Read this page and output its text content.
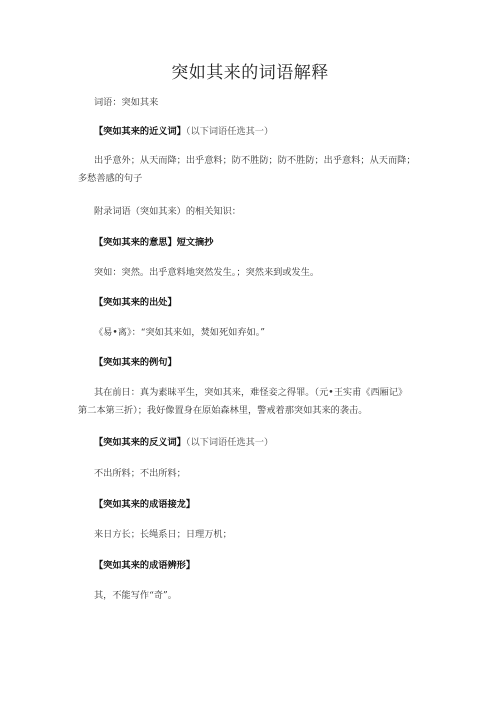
突如其来的词语解释
词语：突如其来
【突如其来的近义词】（以下词语任选其一）
出乎意外；从天而降；出乎意料；防不胜防；防不胜防；出乎意料；从天而降；
多愁善感的句子
附录词语（突如其来）的相关知识：
【突如其来的意思】短文摘抄
突如：突然。出乎意料地突然发生。；突然来到或发生。
【突如其来的出处】
《易•离》：“突如其来如，焚如死如弃如。”
【突如其来的例句】
其在前日：真为素昧平生，突如其来，难怪妾之得罪。（元•王实甫《西厢记》
第二本第三折）；我好像置身在原始森林里，警戒着那突如其来的袭击。
【突如其来的反义词】（以下词语任选其一）
不出所料；不出所料；
【突如其来的成语接龙】
来日方长；长绳系日；日理万机；
【突如其来的成语辨形】
其，不能写作“奇”。
